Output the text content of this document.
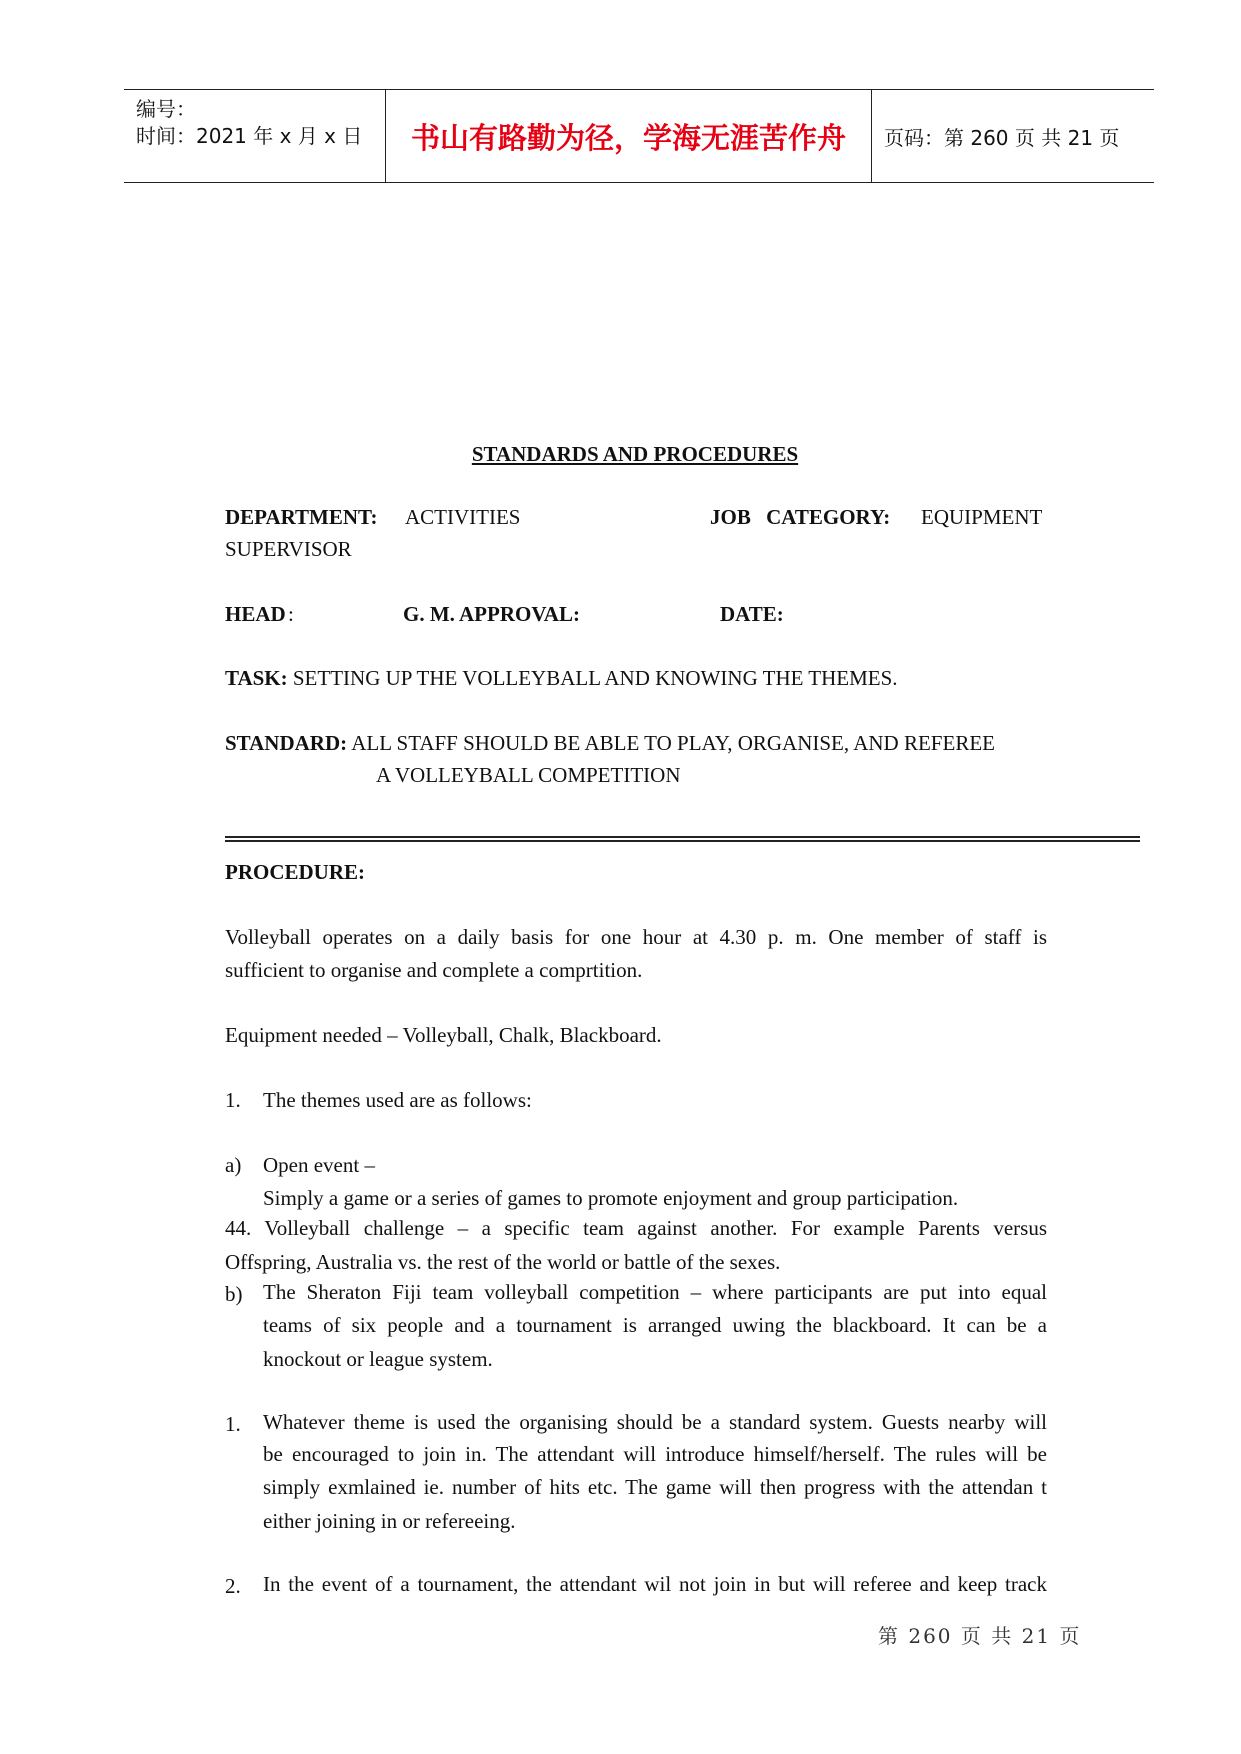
编号：
时间：2021 年 x 月 x 日	书山有路勤为径，学海无涯苦作舟	页码：第 260 页 共 21 页
STANDARDS AND PROCEDURES
DEPARTMENT: ACTIVITIES	JOB CATEGORY: EQUIPMENT
SUPERVISOR
HEAD :	G. M. APPROVAL:	DATE:
TASK: SETTING UP THE VOLLEYBALL AND KNOWING THE THEMES.
STANDARD: ALL STAFF SHOULD BE ABLE TO PLAY, ORGANISE, AND REFEREE
A VOLLEYBALL COMPETITION
PROCEDURE:
Volleyball operates on a daily basis for one hour at 4.30 p. m. One member of staff is
sufficient to organise and complete a comprtition.
Equipment needed – Volleyball, Chalk, Blackboard.
1. The themes used are as follows:
a) Open event –
Simply a game or a series of games to promote enjoyment and group participation.
44. Volleyball challenge – a specific team against another. For example Parents versus
Offspring, Australia vs. the rest of the world or battle of the sexes.
b) The Sheraton Fiji team volleyball competition – where participants are put into equal
teams of six people and a tournament is arranged uwing the blackboard. It can be a
knockout or league system.
1. Whatever theme is used the organising should be a standard system. Guests nearby will
be encouraged to join in. The attendant will introduce himself/herself. The rules will be
simply exmlained ie. number of hits etc. The game will then progress with the attendan t
either joining in or refereeing.
2. In the event of a tournament, the attendant wil not join in but will referee and keep track
第 260 页 共 21 页
